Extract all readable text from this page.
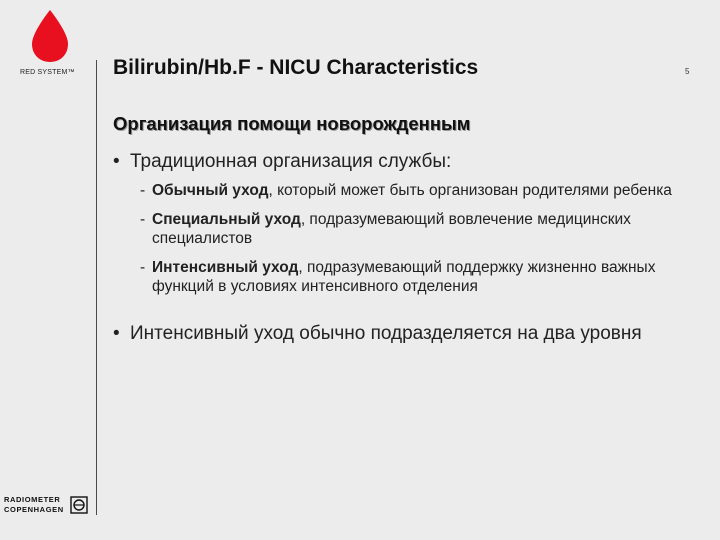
RED SYSTEM™ Bilirubin/Hb.F - NICU Characteristics	5
Организация помощи новорожденным
• Традиционная организация службы:
- Обычный уход, который может быть организован родителями ребенка
- Специальный уход, подразумевающий вовлечение медицинских специалистов
- Интенсивный уход, подразумевающий поддержку жизненно важных функций в условиях интенсивного отделения
• Интенсивный уход обычно подразделяется на два уровня
RADIOMETER
COPENHAGEN
